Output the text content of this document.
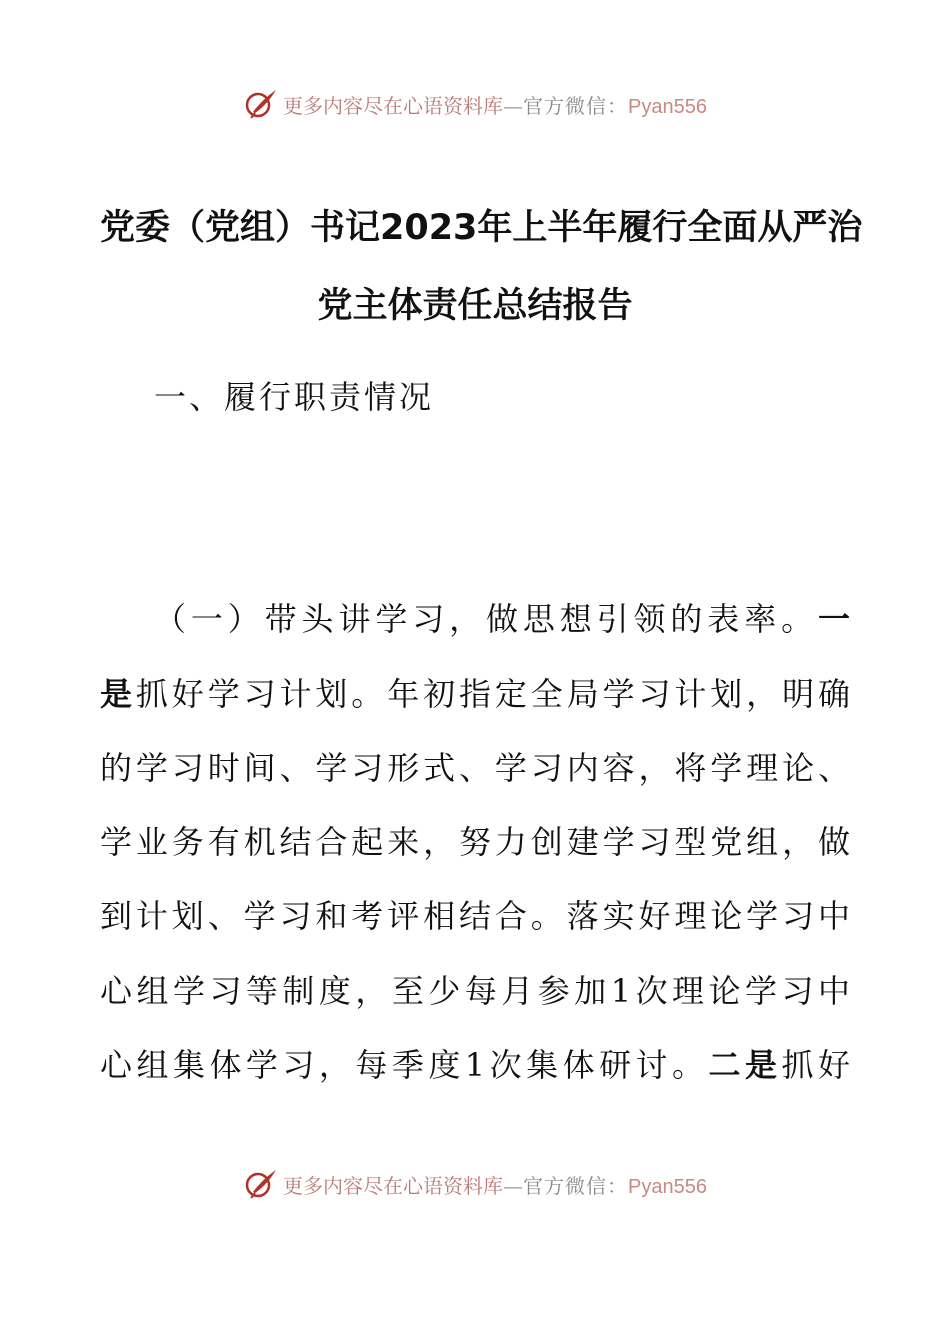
更多内容尽在心语资料库—官方微信：Pyan556
党委（党组）书记2023年上半年履行全面从严治
党主体责任总结报告
一、履行职责情况
（一）带头讲学习，做思想引领的表率。一
是抓好学习计划。年初指定全局学习计划，明确
的学习时间、学习形式、学习内容，将学理论、
学业务有机结合起来，努力创建学习型党组，做
到计划、学习和考评相结合。落实好理论学习中
心组学习等制度，至少每月参加1次理论学习中
心组集体学习，每季度1次集体研讨。二是抓好
更多内容尽在心语资料库—官方微信：Pyan556
